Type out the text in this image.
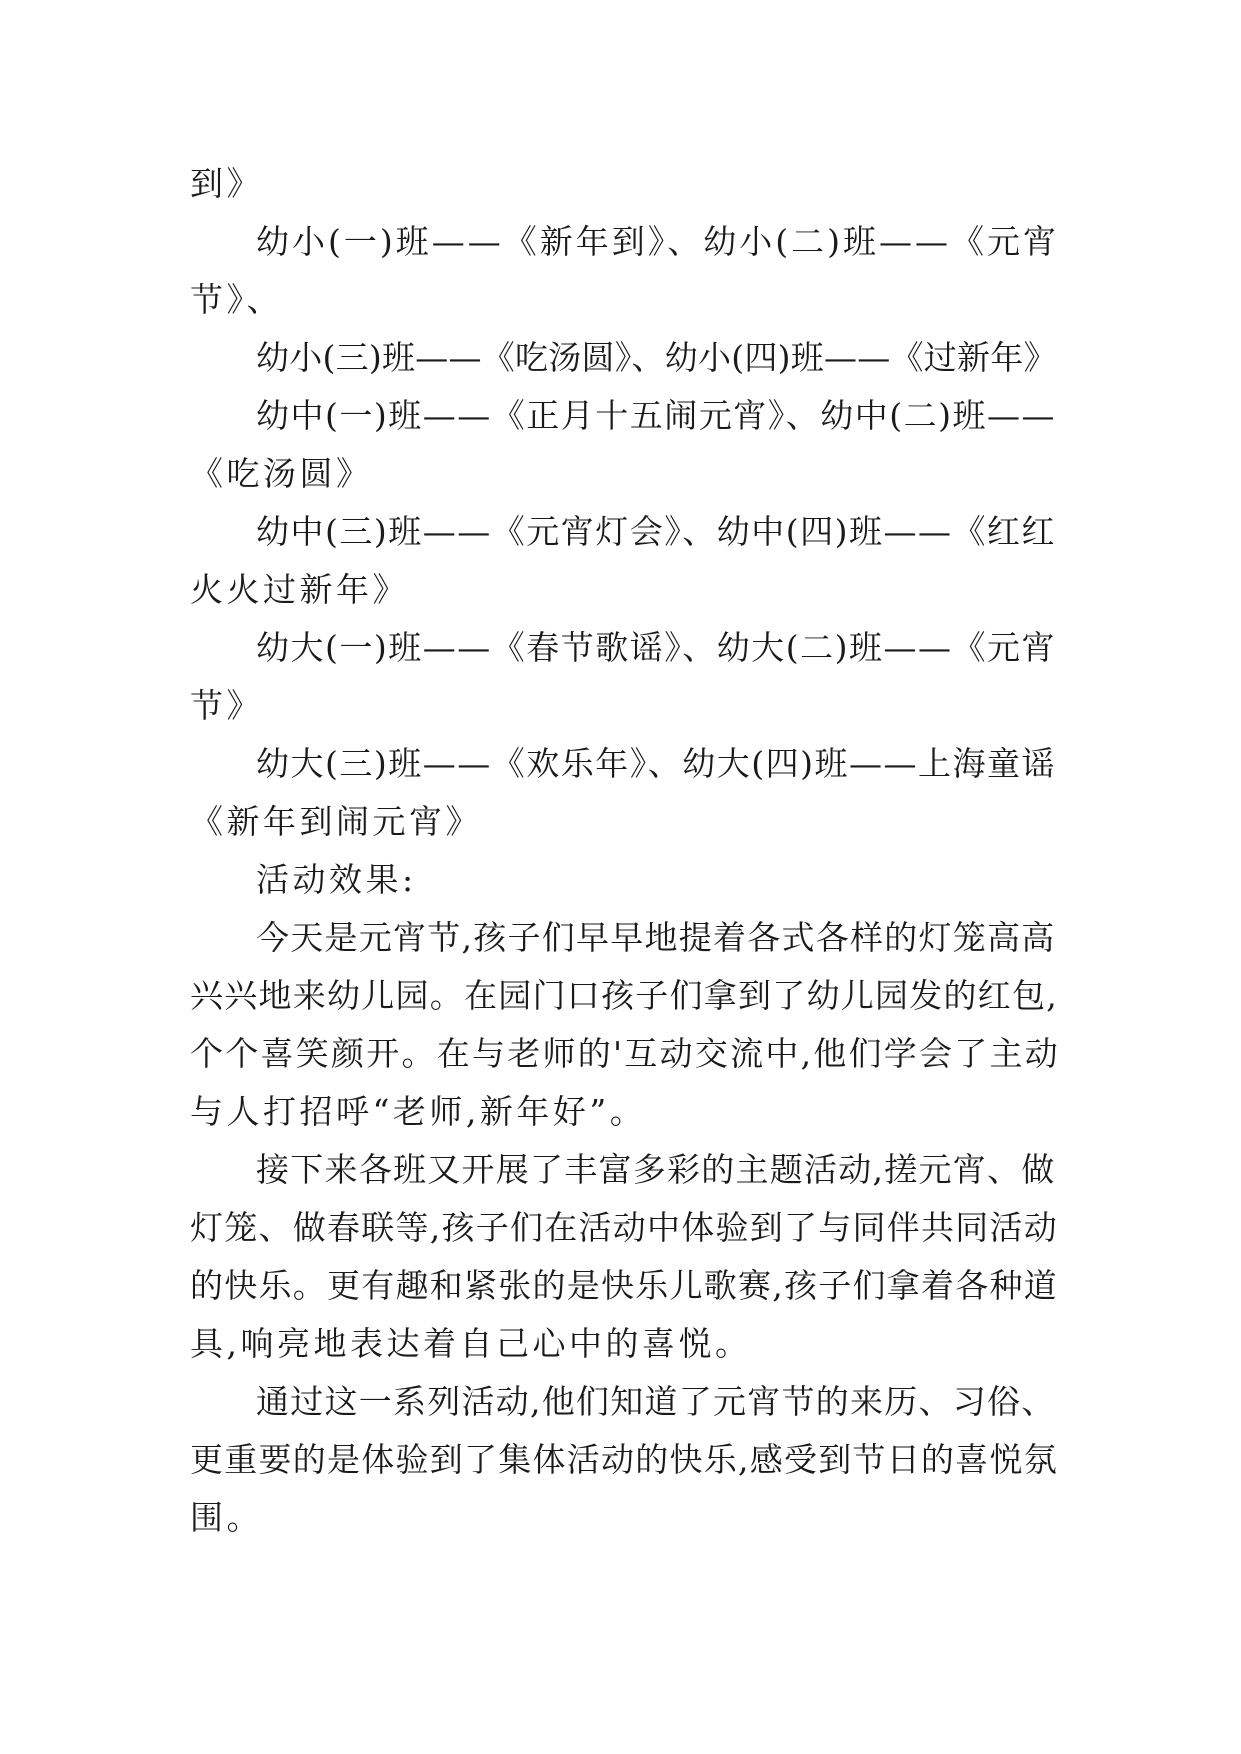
到》
幼小(一)班——《新年到》、幼小(二)班——《元宵
节》、
幼小(三)班——《吃汤圆》、幼小(四)班——《过新年》
幼中(一)班——《正月十五闹元宵》、幼中(二)班——
《吃汤圆》
幼中(三)班——《元宵灯会》、幼中(四)班——《红红
火火过新年》
幼大(一)班——《春节歌谣》、幼大(二)班——《元宵
节》
幼大(三)班——《欢乐年》、幼大(四)班——上海童谣
《新年到闹元宵》
活动效果:
今天是元宵节,孩子们早早地提着各式各样的灯笼高高
兴兴地来幼儿园。在园门口孩子们拿到了幼儿园发的红包,
个个喜笑颜开。在与老师的'互动交流中,他们学会了主动
与人打招呼“老师,新年好”。
接下来各班又开展了丰富多彩的主题活动,搓元宵、做
灯笼、做春联等,孩子们在活动中体验到了与同伴共同活动
的快乐。更有趣和紧张的是快乐儿歌赛,孩子们拿着各种道
具,响亮地表达着自己心中的喜悦。
通过这一系列活动,他们知道了元宵节的来历、习俗、
更重要的是体验到了集体活动的快乐,感受到节日的喜悦氛
围。
